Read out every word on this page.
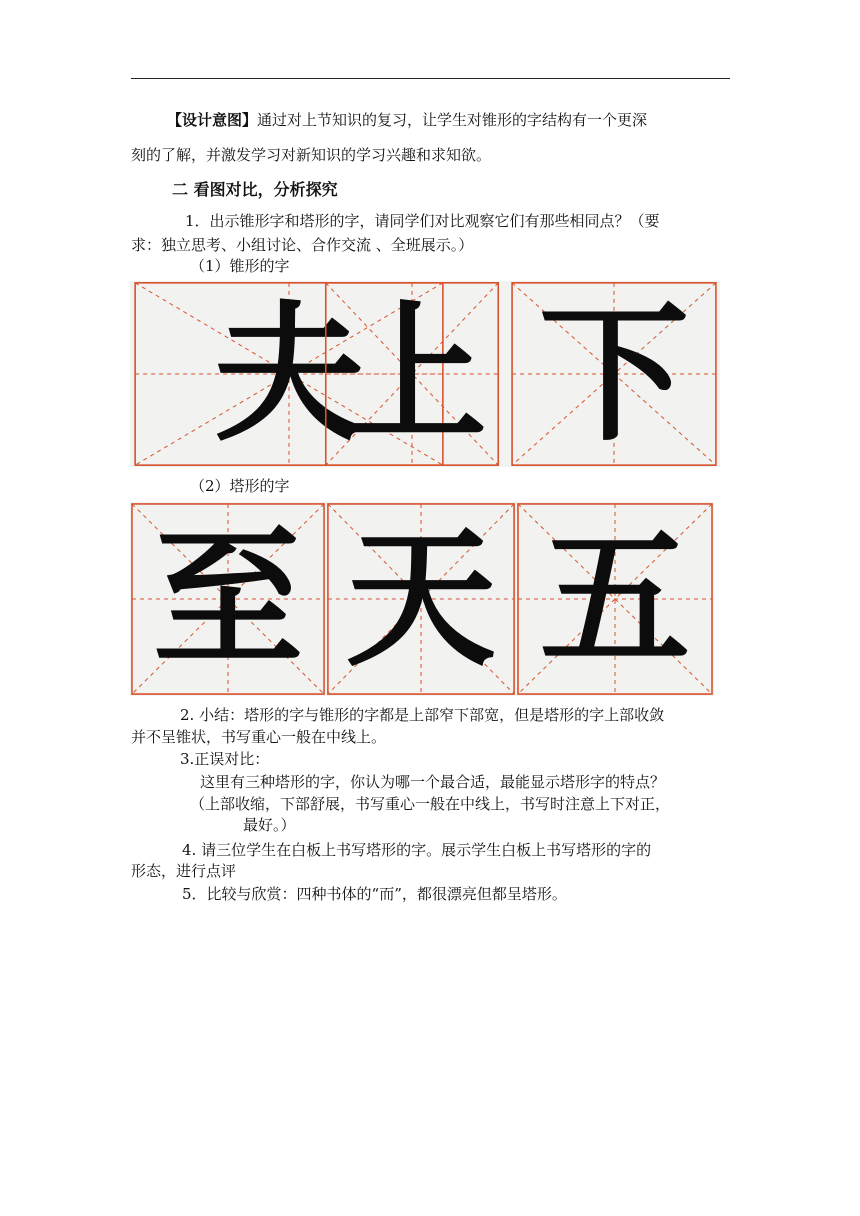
【设计意图】通过对上节知识的复习，让学生对锥形的字结构有一个更深
刻的了解，并激发学习对新知识的学习兴趣和求知欲。
二 看图对比，分析探究
1．出示锥形字和塔形的字，请同学们对比观察它们有那些相同点？（要
求：独立思考、小组讨论、合作交流 、全班展示。）
（1）锥形的字
夫
上 下
（2）塔形的字
至 天 五
2. 小结：塔形的字与锥形的字都是上部窄下部宽，但是塔形的字上部收敛
并不呈锥状，书写重心一般在中线上。
3.正误对比：
这里有三种塔形的字，你认为哪一个最合适，最能显示塔形字的特点？
（上部收缩，下部舒展，书写重心一般在中线上，书写时注意上下对正，
最好。）
4. 请三位学生在白板上书写塔形的字。展示学生白板上书写塔形的字的
形态，进行点评
5．比较与欣赏：四种书体的“而”，都很漂亮但都呈塔形。
